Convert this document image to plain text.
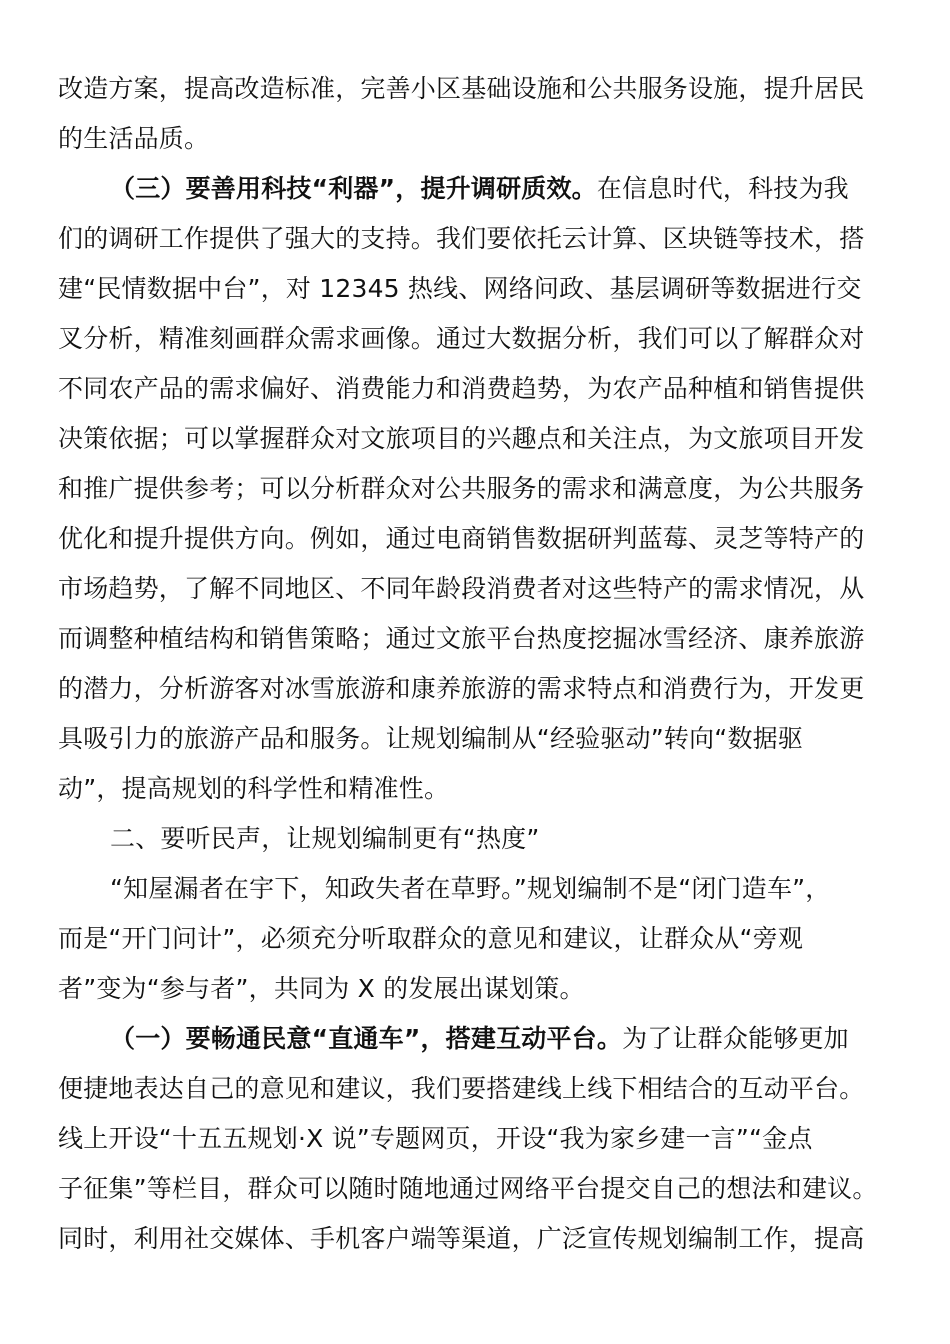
改造方案，提高改造标准，完善小区基础设施和公共服务设施，提升居民
的生活品质。
（三）要善用科技“利器”，提升调研质效。在信息时代，科技为我
们的调研工作提供了强大的支持。我们要依托云计算、区块链等技术，搭
建“民情数据中台”，对 12345 热线、网络问政、基层调研等数据进行交
叉分析，精准刻画群众需求画像。通过大数据分析，我们可以了解群众对
不同农产品的需求偏好、消费能力和消费趋势，为农产品种植和销售提供
决策依据；可以掌握群众对文旅项目的兴趣点和关注点，为文旅项目开发
和推广提供参考；可以分析群众对公共服务的需求和满意度，为公共服务
优化和提升提供方向。例如，通过电商销售数据研判蓝莓、灵芝等特产的
市场趋势，了解不同地区、不同年龄段消费者对这些特产的需求情况，从
而调整种植结构和销售策略；通过文旅平台热度挖掘冰雪经济、康养旅游
的潜力，分析游客对冰雪旅游和康养旅游的需求特点和消费行为，开发更
具吸引力的旅游产品和服务。让规划编制从“经验驱动”转向“数据驱
动”，提高规划的科学性和精准性。
二、要听民声，让规划编制更有“热度”
“知屋漏者在宇下，知政失者在草野。”规划编制不是“闭门造车”，
而是“开门问计”，必须充分听取群众的意见和建议，让群众从“旁观
者”变为“参与者”，共同为 X 的发展出谋划策。
（一）要畅通民意“直通车”，搭建互动平台。为了让群众能够更加
便捷地表达自己的意见和建议，我们要搭建线上线下相结合的互动平台。
线上开设“十五五规划·X 说”专题网页，开设“我为家乡建一言”“金点
子征集”等栏目，群众可以随时随地通过网络平台提交自己的想法和建议。
同时，利用社交媒体、手机客户端等渠道，广泛宣传规划编制工作，提高
